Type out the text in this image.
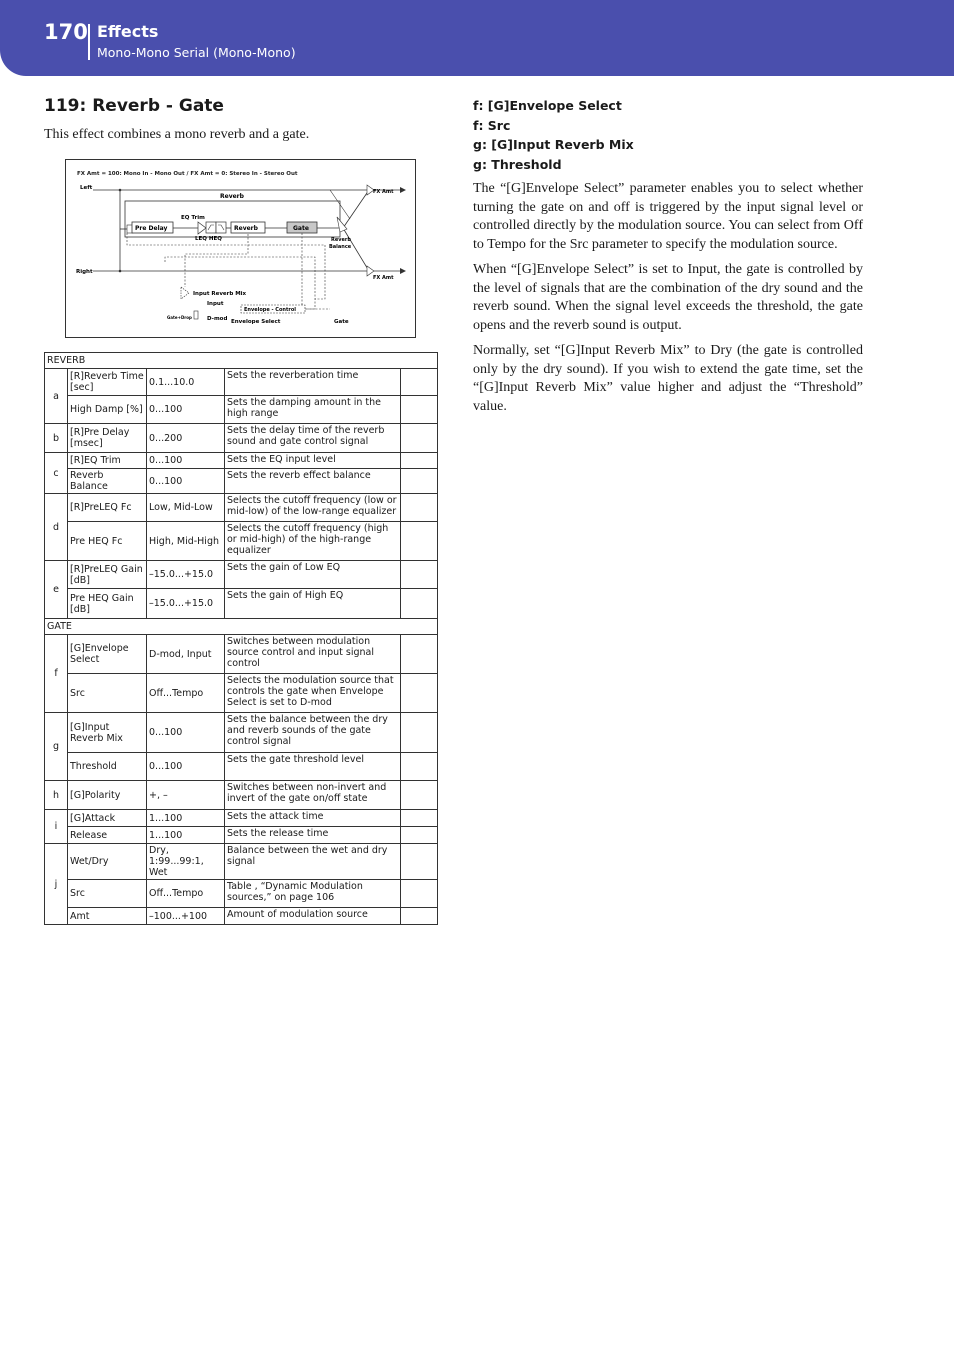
170 Effects
Mono-Mono Serial (Mono-Mono)
119: Reverb - Gate
This effect combines a mono reverb and a gate.
FX Amt = 100: Mono In - Mono Out / FX Amt = 0: Stereo In - Stereo Out
Left
Right
Reverb
Pre Delay
EQ Trim
LEQ HEQ
Reverb	Gate
Reverb
Balance
FX Amt
FX Amt
Input Reverb Mix
Input
Envelope - Control
Gate+Drop	D-mod Envelope Select	Gate
REVERB				
a	[R]Reverb Time [sec]	0.1...10.0	Sets the reverberation time	
	High Damp [%]	0...100	Sets the damping amount in the high range	
b	[R]Pre Delay [msec]	0...200	Sets the delay time of the reverb sound and gate control signal	
c	[R]EQ Trim	0...100	Sets the EQ input level	
	Reverb Balance	0...100	Sets the reverb effect balance	
d	[R]PreLEQ Fc	Low, Mid-Low	Selects the cutoff frequency (low or mid-low) of the low-range equalizer	
	Pre HEQ Fc	High, Mid-High	Selects the cutoff frequency (high or mid-high) of the high-range equalizer	
e	[R]PreLEQ Gain [dB]	–15.0...+15.0	Sets the gain of Low EQ	
	Pre HEQ Gain [dB]	–15.0...+15.0	Sets the gain of High EQ	
GATE				
f	[G]Envelope Select	D-mod, Input	Switches between modulation source control and input signal control	
	Src	Off...Tempo	Selects the modulation source that controls the gate when Envelope Select is set to D-mod	
g	[G]Input Reverb Mix	0...100	Sets the balance between the dry and reverb sounds of the gate control signal	
	Threshold	0...100	Sets the gate threshold level	
h	[G]Polarity	+, –	Switches between non-invert and invert of the gate on/off state	
i	[G]Attack	1...100	Sets the attack time	
	Release	1...100	Sets the release time	
j	Wet/Dry	Dry, 1:99...99:1, Wet	Balance between the wet and dry signal	
	Src	Off...Tempo	Table , “Dynamic Modulation sources,” on page 106	
	Amt	–100...+100	Amount of modulation source	
f: [G]Envelope Select
f: Src
g: [G]Input Reverb Mix
g: Threshold

The “[G]Envelope Select” parameter enables you to select whether turning the gate on and off is triggered by the input signal level or controlled directly by the modulation source. You can select from Off to Tempo for the Src parameter to specify the modulation source.

When “[G]Envelope Select” is set to Input, the gate is controlled by the level of signals that are the combination of the dry sound and the reverb sound. When the signal level exceeds the threshold, the gate opens and the reverb sound is output.

Normally, set “[G]Input Reverb Mix” to Dry (the gate is controlled only by the dry sound). If you wish to extend the gate time, set the “[G]Input Reverb Mix” value higher and adjust the “Threshold” value.
